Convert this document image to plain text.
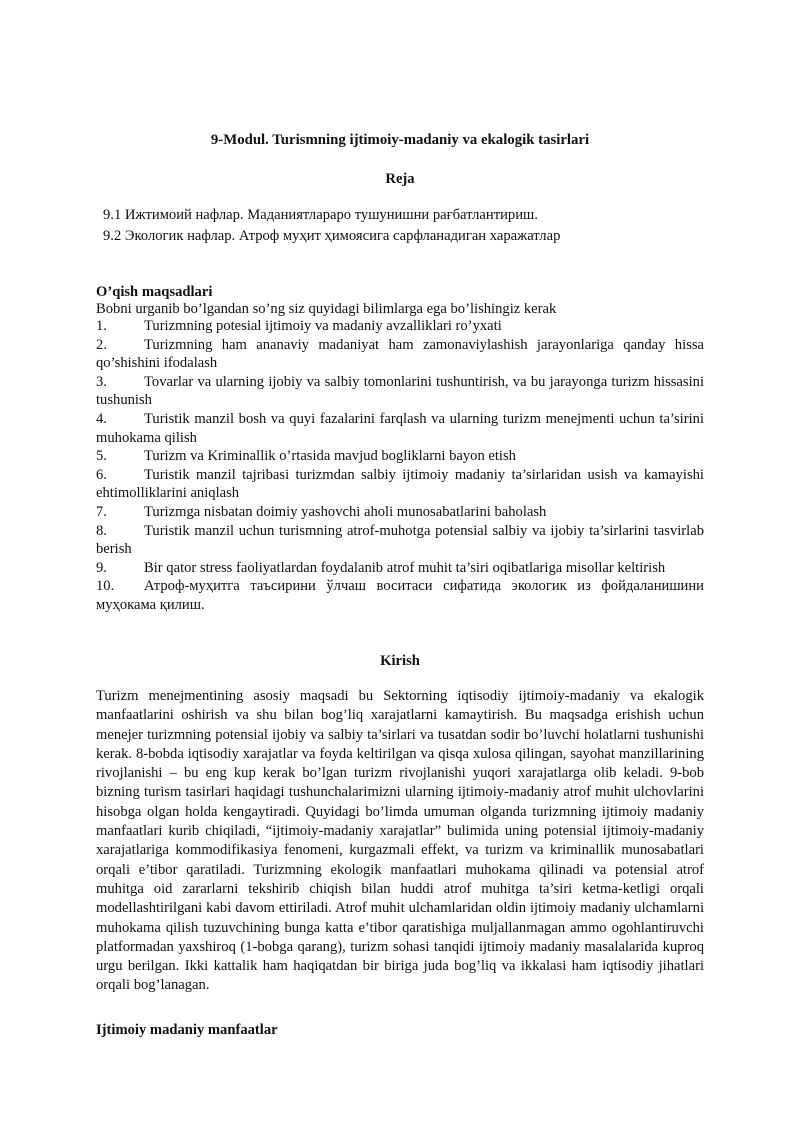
9-Modul. Turismning ijtimoiy-madaniy va ekalogik tasirlari
Reja
9.1 Ижтимоий нафлар. Маданиятлараро тушунишни рағбатлантириш.
9.2 Экологик нафлар. Атроф муҳит ҳимоясига сарфланадиган харажатлар
O’qish maqsadlari
Bobni urganib bo’lgandan so’ng siz quyidagi bilimlarga ega bo’lishingiz kerak
1.	Turizmning potesial ijtimoiy va madaniy avzalliklari ro’yxati
2.	Turizmning ham ananaviy madaniyat ham zamonaviylashish jarayonlariga qanday hissa qo’shishini ifodalash
3.	Tovarlar va ularning ijobiy va salbiy tomonlarini tushuntirish, va bu jarayonga turizm hissasini tushunish
4.	Turistik manzil bosh va quyi fazalarini farqlash va ularning turizm menejmenti uchun ta’sirini muhokama qilish
5.	Turizm va Kriminallik o’rtasida mavjud bogliklarni bayon etish
6.	Turistik manzil tajribasi turizmdan salbiy ijtimoiy madaniy ta’sirlaridan usish va kamayishi ehtimolliklarini aniqlash
7.	Turizmga nisbatan doimiy yashovchi aholi munosabatlarini baholash
8.	Turistik manzil uchun turismning atrof-muhotga potensial salbiy va ijobiy ta’sirlarini tasvirlab berish
9.	Bir qator stress faoliyatlardan foydalanib atrof muhit ta’siri oqibatlariga misollar keltirish
10. Атроф-муҳитга таъсирини ўлчаш воситаси сифатида экологик из фойдаланишини муҳокама қилиш.
Kirish

Turizm menejmentining asosiy maqsadi bu Sektorning iqtisodiy ijtimoiy-madaniy va ekalogik manfaatlarini oshirish va shu bilan bog’liq xarajatlarni kamaytirish. Bu maqsadga erishish uchun menejer turizmning potensial ijobiy va salbiy ta’sirlari va tusatdan sodir bo’luvchi holatlarni tushunishi kerak. 8-bobda iqtisodiy xarajatlar va foyda keltirilgan va qisqa xulosa qilingan, sayohat manzillarining rivojlanishi – bu eng kup kerak bo’lgan turizm rivojlanishi yuqori xarajatlarga olib keladi. 9-bob bizning turism tasirlari haqidagi tushunchalarimizni ularning ijtimoiy-madaniy atrof muhit ulchovlarini hisobga olgan holda kengaytiradi. Quyidagi bo’limda umuman olganda turizmning ijtimoiy madaniy manfaatlari kurib chiqiladi, “ijtimoiy-madaniy xarajatlar” bulimida uning potensial ijtimoiy-madaniy xarajatlariga kommodifikasiya fenomeni, kurgazmali effekt, va turizm va kriminallik munosabatlari orqali e’tibor qaratiladi. Turizmning ekologik manfaatlari muhokama qilinadi va potensial atrof muhitga oid zararlarni tekshirib chiqish bilan huddi atrof muhitga ta’siri ketma-ketligi orqali modellashtirilgani kabi davom ettiriladi. Atrof muhit ulchamlaridan oldin ijtimoiy madaniy ulchamlarni muhokama qilish tuzuvchining bunga katta e’tibor qaratishiga muljallanmagan ammo ogohlantiruvchi platformadan yaxshiroq (1-bobga qarang), turizm sohasi tanqidi ijtimoiy madaniy masalalarida kuproq urgu berilgan. Ikki kattalik ham haqiqatdan bir biriga juda bog’liq va ikkalasi ham iqtisodiy jihatlari orqali bog’lanagan.

Ijtimoiy madaniy manfaatlar
